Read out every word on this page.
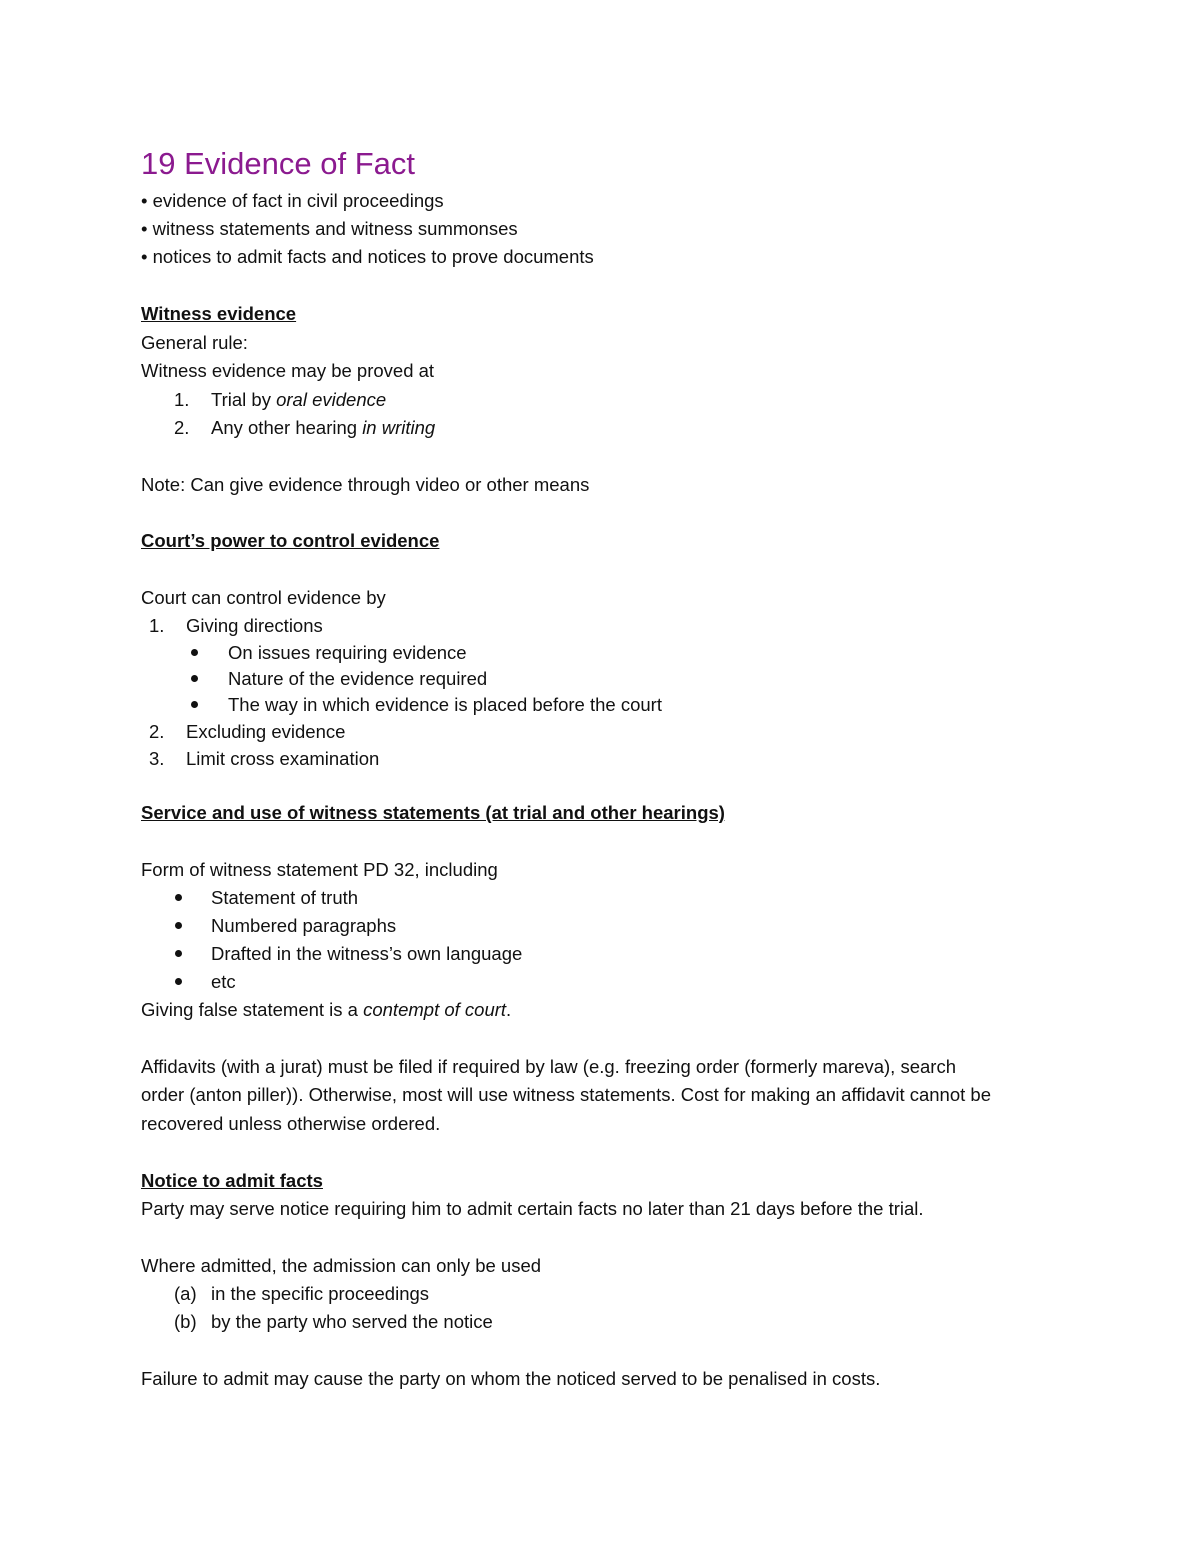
19 Evidence of Fact
• evidence of fact in civil proceedings
• witness statements and witness summonses
• notices to admit facts and notices to prove documents
Witness evidence
General rule:
Witness evidence may be proved at
1. Trial by oral evidence
2. Any other hearing in writing
Note: Can give evidence through video or other means
Court’s power to control evidence
Court can control evidence by
1. Giving directions
On issues requiring evidence
Nature of the evidence required
The way in which evidence is placed before the court
2. Excluding evidence
3. Limit cross examination
Service and use of witness statements (at trial and other hearings)
Form of witness statement PD 32, including
Statement of truth
Numbered paragraphs
Drafted in the witness’s own language
etc
Giving false statement is a contempt of court.
Affidavits (with a jurat) must be filed if required by law (e.g. freezing order (formerly mareva), search
order (anton piller)). Otherwise, most will use witness statements. Cost for making an affidavit cannot be
recovered unless otherwise ordered.
Notice to admit facts
Party may serve notice requiring him to admit certain facts no later than 21 days before the trial.
Where admitted, the admission can only be used
(a) in the specific proceedings
(b) by the party who served the notice
Failure to admit may cause the party on whom the noticed served to be penalised in costs.
